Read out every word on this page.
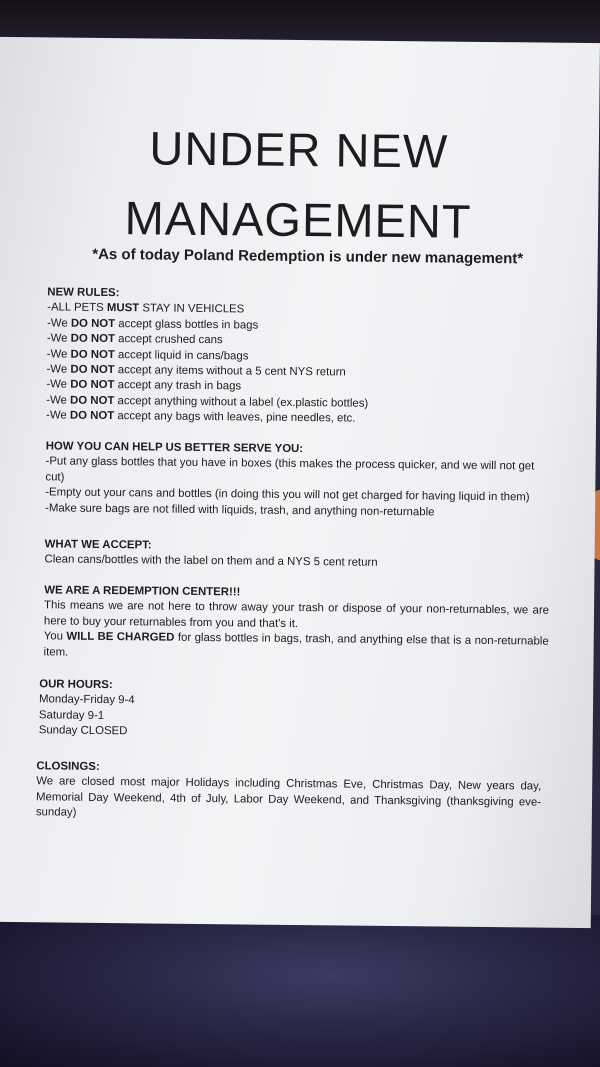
UNDER NEW
MANAGEMENT

*As of today Poland Redemption is under new management*

NEW RULES:

-ALL PETS MUST STAY IN VEHICLES

-We DO NOT accept glass bottles in bags

-We DO NOT accept crushed cans

-We DO NOT accept liquid in cans/bags

-We DO NOT accept any items without a 5 cent NYS return

-We DO NOT accept any trash in bags

-We DO NOT accept anything without a label (ex.plastic bottles)

-We DO NOT accept any bags with leaves, pine needles, etc.

HOW YOU CAN HELP US BETTER SERVE YOU:

-Put any glass bottles that you have in boxes (this makes the process quicker, and we will not get cut)

-Empty out your cans and bottles (in doing this you will not get charged for having liquid in them)

-Make sure bags are not filled with liquids, trash, and anything non-returnable

WHAT WE ACCEPT:

Clean cans/bottles with the label on them and a NYS 5 cent return

WE ARE A REDEMPTION CENTER!!!

This means we are not here to throw away your trash or dispose of your non-returnables, we are here to buy your returnables from you and that's it.

You WILL BE CHARGED for glass bottles in bags, trash, and anything else that is a non-returnable item.

OUR HOURS:

Monday-Friday 9-4

Saturday 9-1

Sunday CLOSED

CLOSINGS:

We are closed most major Holidays including Christmas Eve, Christmas Day, New years day, Memorial Day Weekend, 4th of July, Labor Day Weekend, and Thanksgiving (thanksgiving eve-sunday)
